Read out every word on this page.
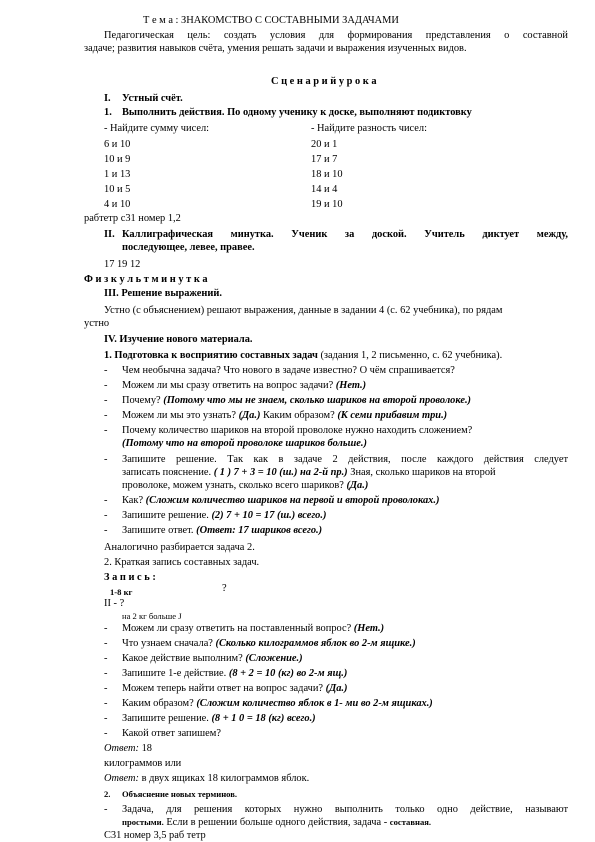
Т е м а : ЗНАКОМСТВО С СОСТАВНЫМИ ЗАДАЧАМИ
Педагогическая цель: создать условия для формирования представления о составной
задаче; развития навыков счёта, умения решать задачи и выражения изученных видов.
С ц е н а р и й у р о к а
I. Устный счёт.
1. Выполнить действия. По одному ученику к доске, выполняют подиктовку
- Найдите сумму чисел:	- Найдите разность чисел:
6 и 10
10 и 9
1 и 13
10 и 5
4 и 10
20 и 1
17 и 7
18 и 10
14 и 4
19 и 10
рабтетр с31 номер 1,2
II. Каллиграфическая минутка. Ученик за доской. Учитель диктует между,
последующее, левее, правее.
17 19 12
Ф и з к у л ь т м и н у т к а
III. Решение выражений.
Устно (с объяснением) решают выражения, данные в задании 4 (с. 62 учебника), по рядам
устно
IV. Изучение нового материала.
1. Подготовка к восприятию составных задач (задания 1, 2 письменно, с. 62 учебника).
- Чем необычна задача? Что нового в задаче известно? О чём спрашивается?
- Можем ли мы сразу ответить на вопрос задачи? (Нет.)
- Почему? (Потому что мы не знаем, сколько шариков на второй проволоке.)
- Можем ли мы это узнать? (Да.) Каким образом? (К семи прибавим три.)
- Почему количество шариков на второй проволоке нужно находить сложением?
(Потому что на второй проволоке шариков больше.)
- Запишите решение. Так как в задаче 2 действия, после каждого действия следует
записать пояснение. ( 1 ) 7 + 3 = 10 (ш.) на 2-й пр.) Зная, сколько шариков на второй
проволоке, можем узнать, сколько всего шариков? (Да.)
- Как? (Сложим количество шариков на первой и второй проволоках.)
- Запишите решение. (2) 7 + 10 = 17 (ш.) всего.)
- Запишите ответ. (Ответ: 17 шариков всего.)
Аналогично разбирается задача 2.
2. Краткая запись составных задач.
З а п и с ь :
1-8 кг	?
II - ?
на 2 кг больше J
- Можем ли сразу ответить на поставленный вопрос? (Нет.)
- Что узнаем сначала? (Сколько килограммов яблок во 2-м ящике.)
- Какое действие выполним? (Сложение.)
- Запишите 1-е действие. (8 + 2 = 10 (кг) во 2-м ящ.)
- Можем теперь найти ответ на вопрос задачи? (Да.)
- Каким образом? (Сложим количество яблок в 1- ми во 2-м ящиках.)
- Запишите решение. (8 + 1 0 = 18 (кг) всего.)
- Какой ответ запишем?
Ответ: 18
килограммов или
Ответ: в двух ящиках 18 килограммов яблок.
2. Объяснение новых терминов.
- Задача, для решения которых нужно выполнить только одно действие, называют
простыми. Если в решении больше одного действия, задача - составная.
С31 номер 3,5 раб тетр
